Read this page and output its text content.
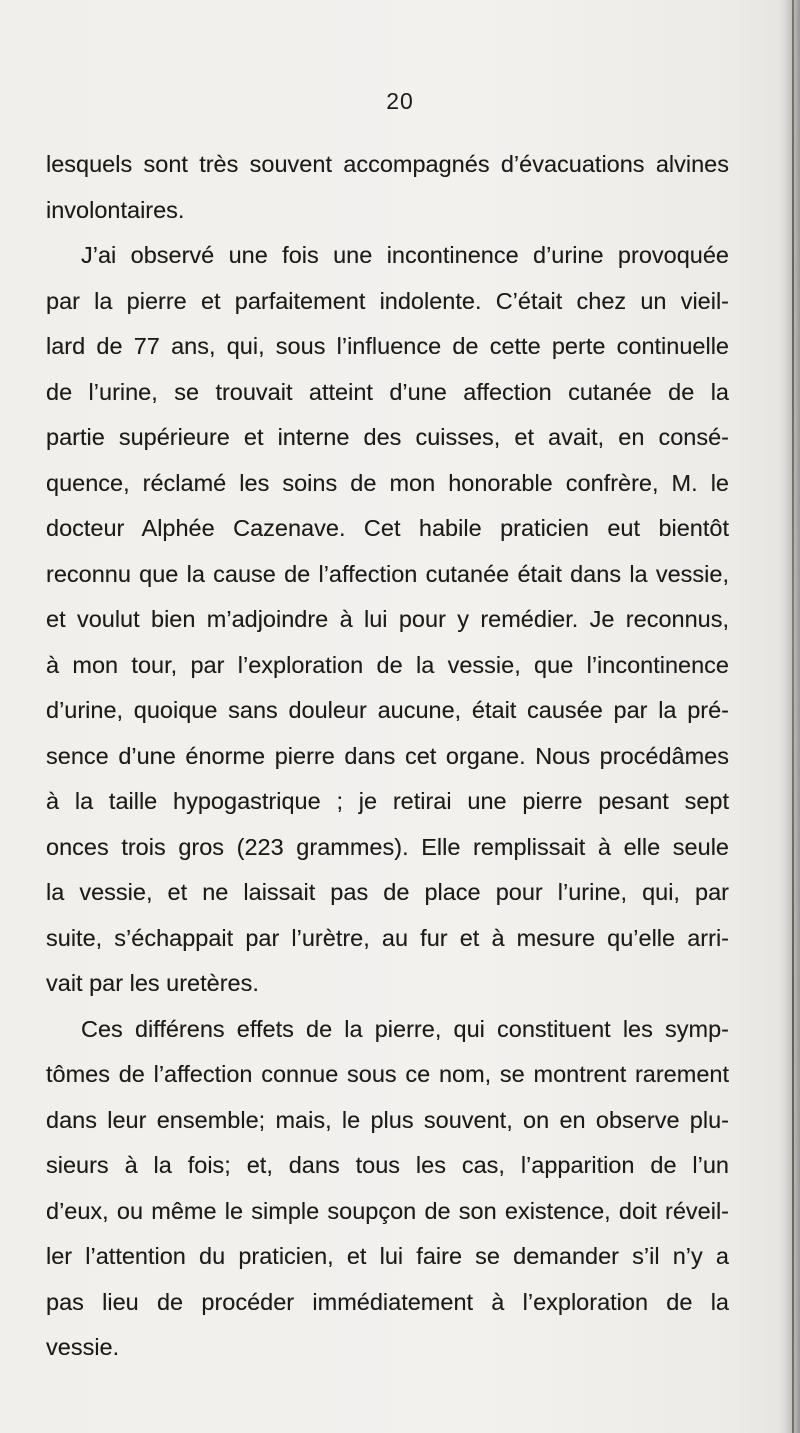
20
lesquels sont très souvent accompagnés d’évacuations alvines
involontaires.
J’ai observé une fois une incontinence d’urine provoquée
par la pierre et parfaitement indolente. C’était chez un vieil-
lard de 77 ans, qui, sous l’influence de cette perte continuelle
de l’urine, se trouvait atteint d’une affection cutanée de la
partie supérieure et interne des cuisses, et avait, en consé-
quence, réclamé les soins de mon honorable confrère, M. le
docteur Alphée Cazenave. Cet habile praticien eut bientôt
reconnu que la cause de l’affection cutanée était dans la vessie,
et voulut bien m’adjoindre à lui pour y remédier. Je reconnus,
à mon tour, par l’exploration de la vessie, que l’incontinence
d’urine, quoique sans douleur aucune, était causée par la pré-
sence d’une énorme pierre dans cet organe. Nous procédâmes
à la taille hypogastrique ; je retirai une pierre pesant sept
onces trois gros (223 grammes). Elle remplissait à elle seule
la vessie, et ne laissait pas de place pour l’urine, qui, par
suite, s’échappait par l’urètre, au fur et à mesure qu’elle arri-
vait par les uretères.
Ces différens effets de la pierre, qui constituent les symp-
tômes de l’affection connue sous ce nom, se montrent rarement
dans leur ensemble; mais, le plus souvent, on en observe plu-
sieurs à la fois; et, dans tous les cas, l’apparition de l’un
d’eux, ou même le simple soupçon de son existence, doit réveil-
ler l’attention du praticien, et lui faire se demander s’il n’y a
pas lieu de procéder immédiatement à l’exploration de la
vessie.
